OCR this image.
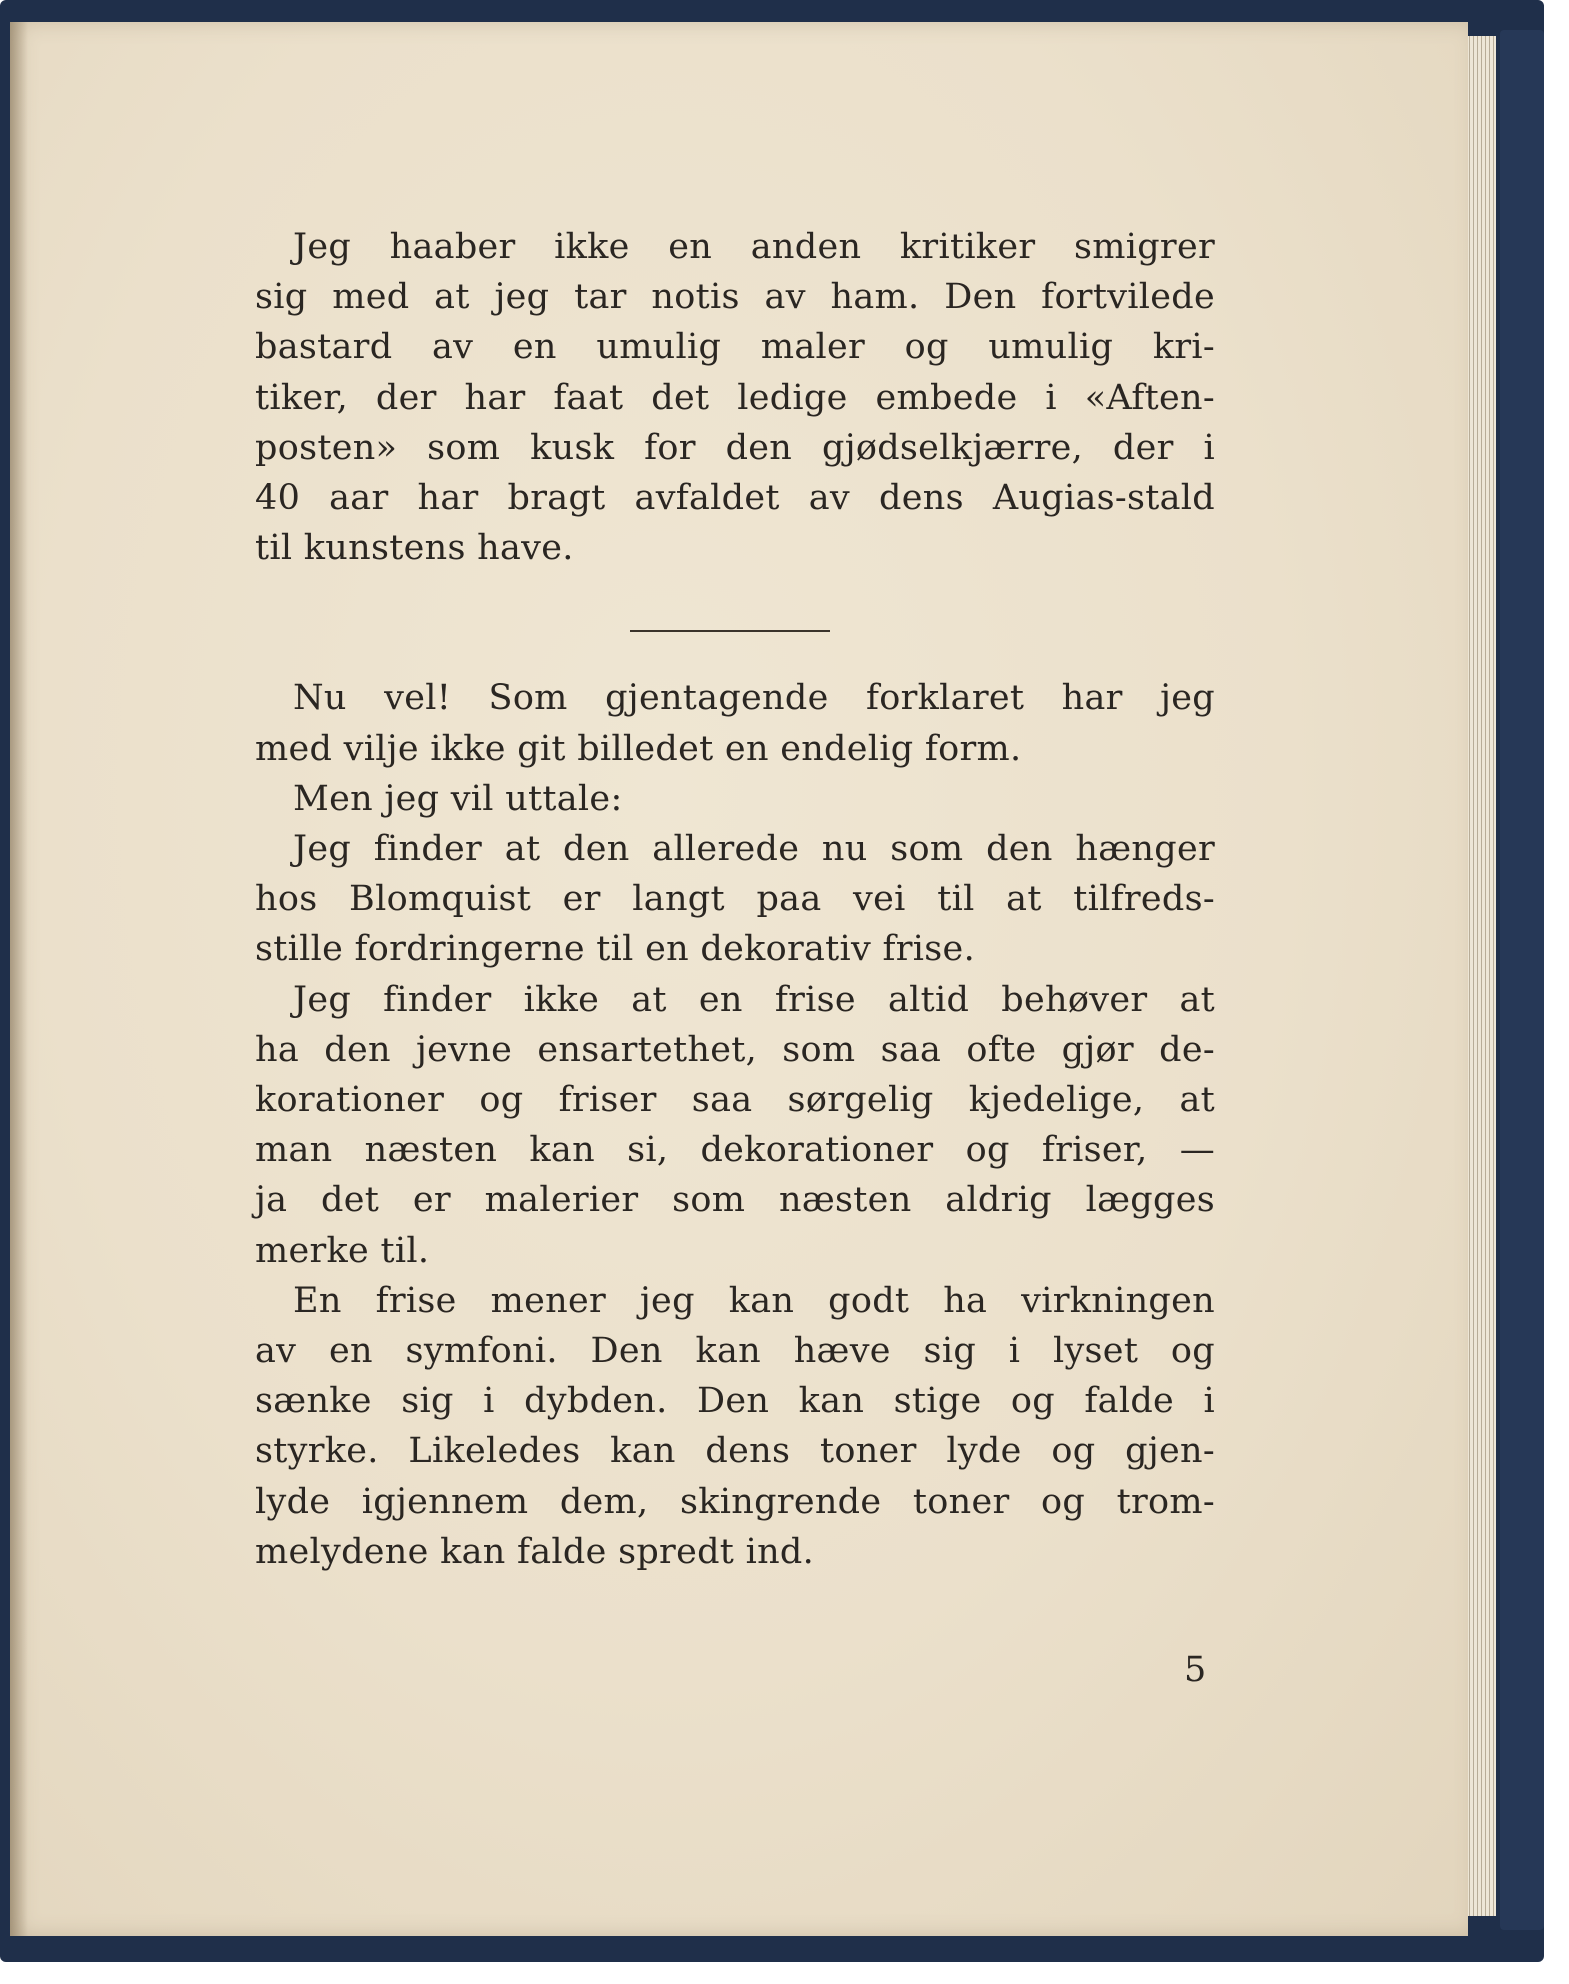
Jeg haaber ikke en anden kritiker smigrer
sig med at jeg tar notis av ham. Den fortvilede
bastard av en umulig maler og umulig kri-
tiker, der har faat det ledige embede i «Aften-
posten» som kusk for den gjødselkjærre, der i
40 aar har bragt avfaldet av dens Augias-stald
til kunstens have.
Nu vel! Som gjentagende forklaret har jeg
med vilje ikke git billedet en endelig form.
Men jeg vil uttale:
Jeg finder at den allerede nu som den hænger
hos Blomquist er langt paa vei til at tilfreds-
stille fordringerne til en dekorativ frise.
Jeg finder ikke at en frise altid behøver at
ha den jevne ensartethet, som saa ofte gjør de-
korationer og friser saa sørgelig kjedelige, at
man næsten kan si, dekorationer og friser, —
ja det er malerier som næsten aldrig lægges
merke til.
En frise mener jeg kan godt ha virkningen
av en symfoni. Den kan hæve sig i lyset og
sænke sig i dybden. Den kan stige og falde i
styrke. Likeledes kan dens toner lyde og gjen-
lyde igjennem dem, skingrende toner og trom-
melydene kan falde spredt ind.
5
